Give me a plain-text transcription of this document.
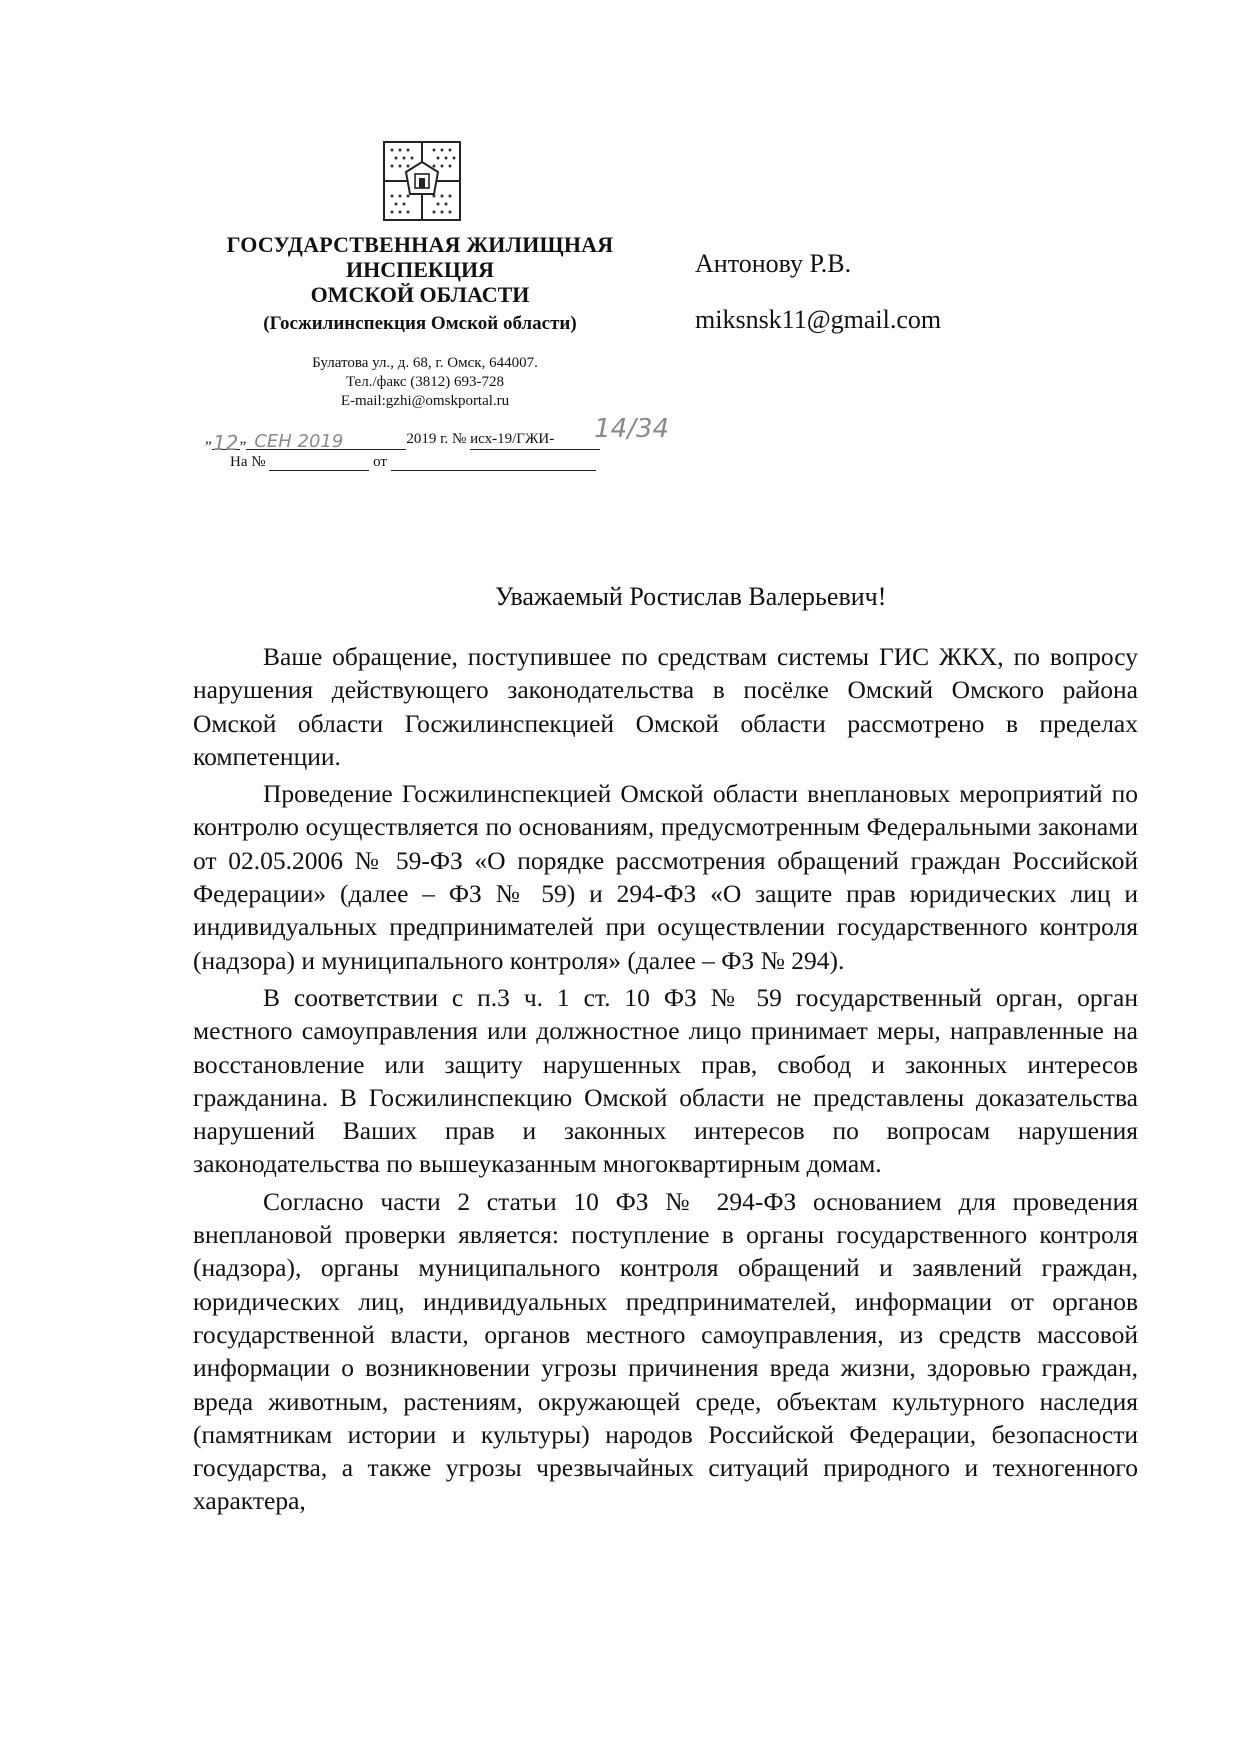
ГОСУДАРСТВЕННАЯ ЖИЛИЩНАЯ
ИНСПЕКЦИЯ
ОМСКОЙ ОБЛАСТИ
(Госжилинспекция Омской области)
Булатова ул., д. 68, г. Омск, 644007.
Тел./факс (3812) 693-728
E-mail:gzhi@omskportal.ru
„12„ СЕН 2019	2019 г. № исх-19/ГЖИ- 14/34
На №	от
Антонову Р.В.
miksnsk11@gmail.com
Уважаемый Ростислав Валерьевич!

Ваше обращение, поступившее по средствам системы ГИС ЖКХ, по вопросу нарушения действующего законодательства в посёлке Омский Омского района Омской области Госжилинспекцией Омской области рассмотрено в пределах компетенции.

Проведение Госжилинспекцией Омской области внеплановых мероприятий по контролю осуществляется по основаниям, предусмотренным Федеральными законами от 02.05.2006 № 59-ФЗ «О порядке рассмотрения обращений граждан Российской Федерации» (далее – ФЗ № 59) и 294-ФЗ «О защите прав юридических лиц и индивидуальных предпринимателей при осуществлении государственного контроля (надзора) и муниципального контроля» (далее – ФЗ № 294).

В соответствии с п.3 ч. 1 ст. 10 ФЗ № 59 государственный орган, орган местного самоуправления или должностное лицо принимает меры, направленные на восстановление или защиту нарушенных прав, свобод и законных интересов гражданина. В Госжилинспекцию Омской области не представлены доказательства нарушений Ваших прав и законных интересов по вопросам нарушения законодательства по вышеуказанным многоквартирным домам.

Согласно части 2 статьи 10 ФЗ № 294-ФЗ основанием для проведения внеплановой проверки является: поступление в органы государственного контроля (надзора), органы муниципального контроля обращений и заявлений граждан, юридических лиц, индивидуальных предпринимателей, информации от органов государственной власти, органов местного самоуправления, из средств массовой информации о возникновении угрозы причинения вреда жизни, здоровью граждан, вреда животным, растениям, окружающей среде, объектам культурного наследия (памятникам истории и культуры) народов Российской Федерации, безопасности государства, а также угрозы чрезвычайных ситуаций природного и техногенного характера,
